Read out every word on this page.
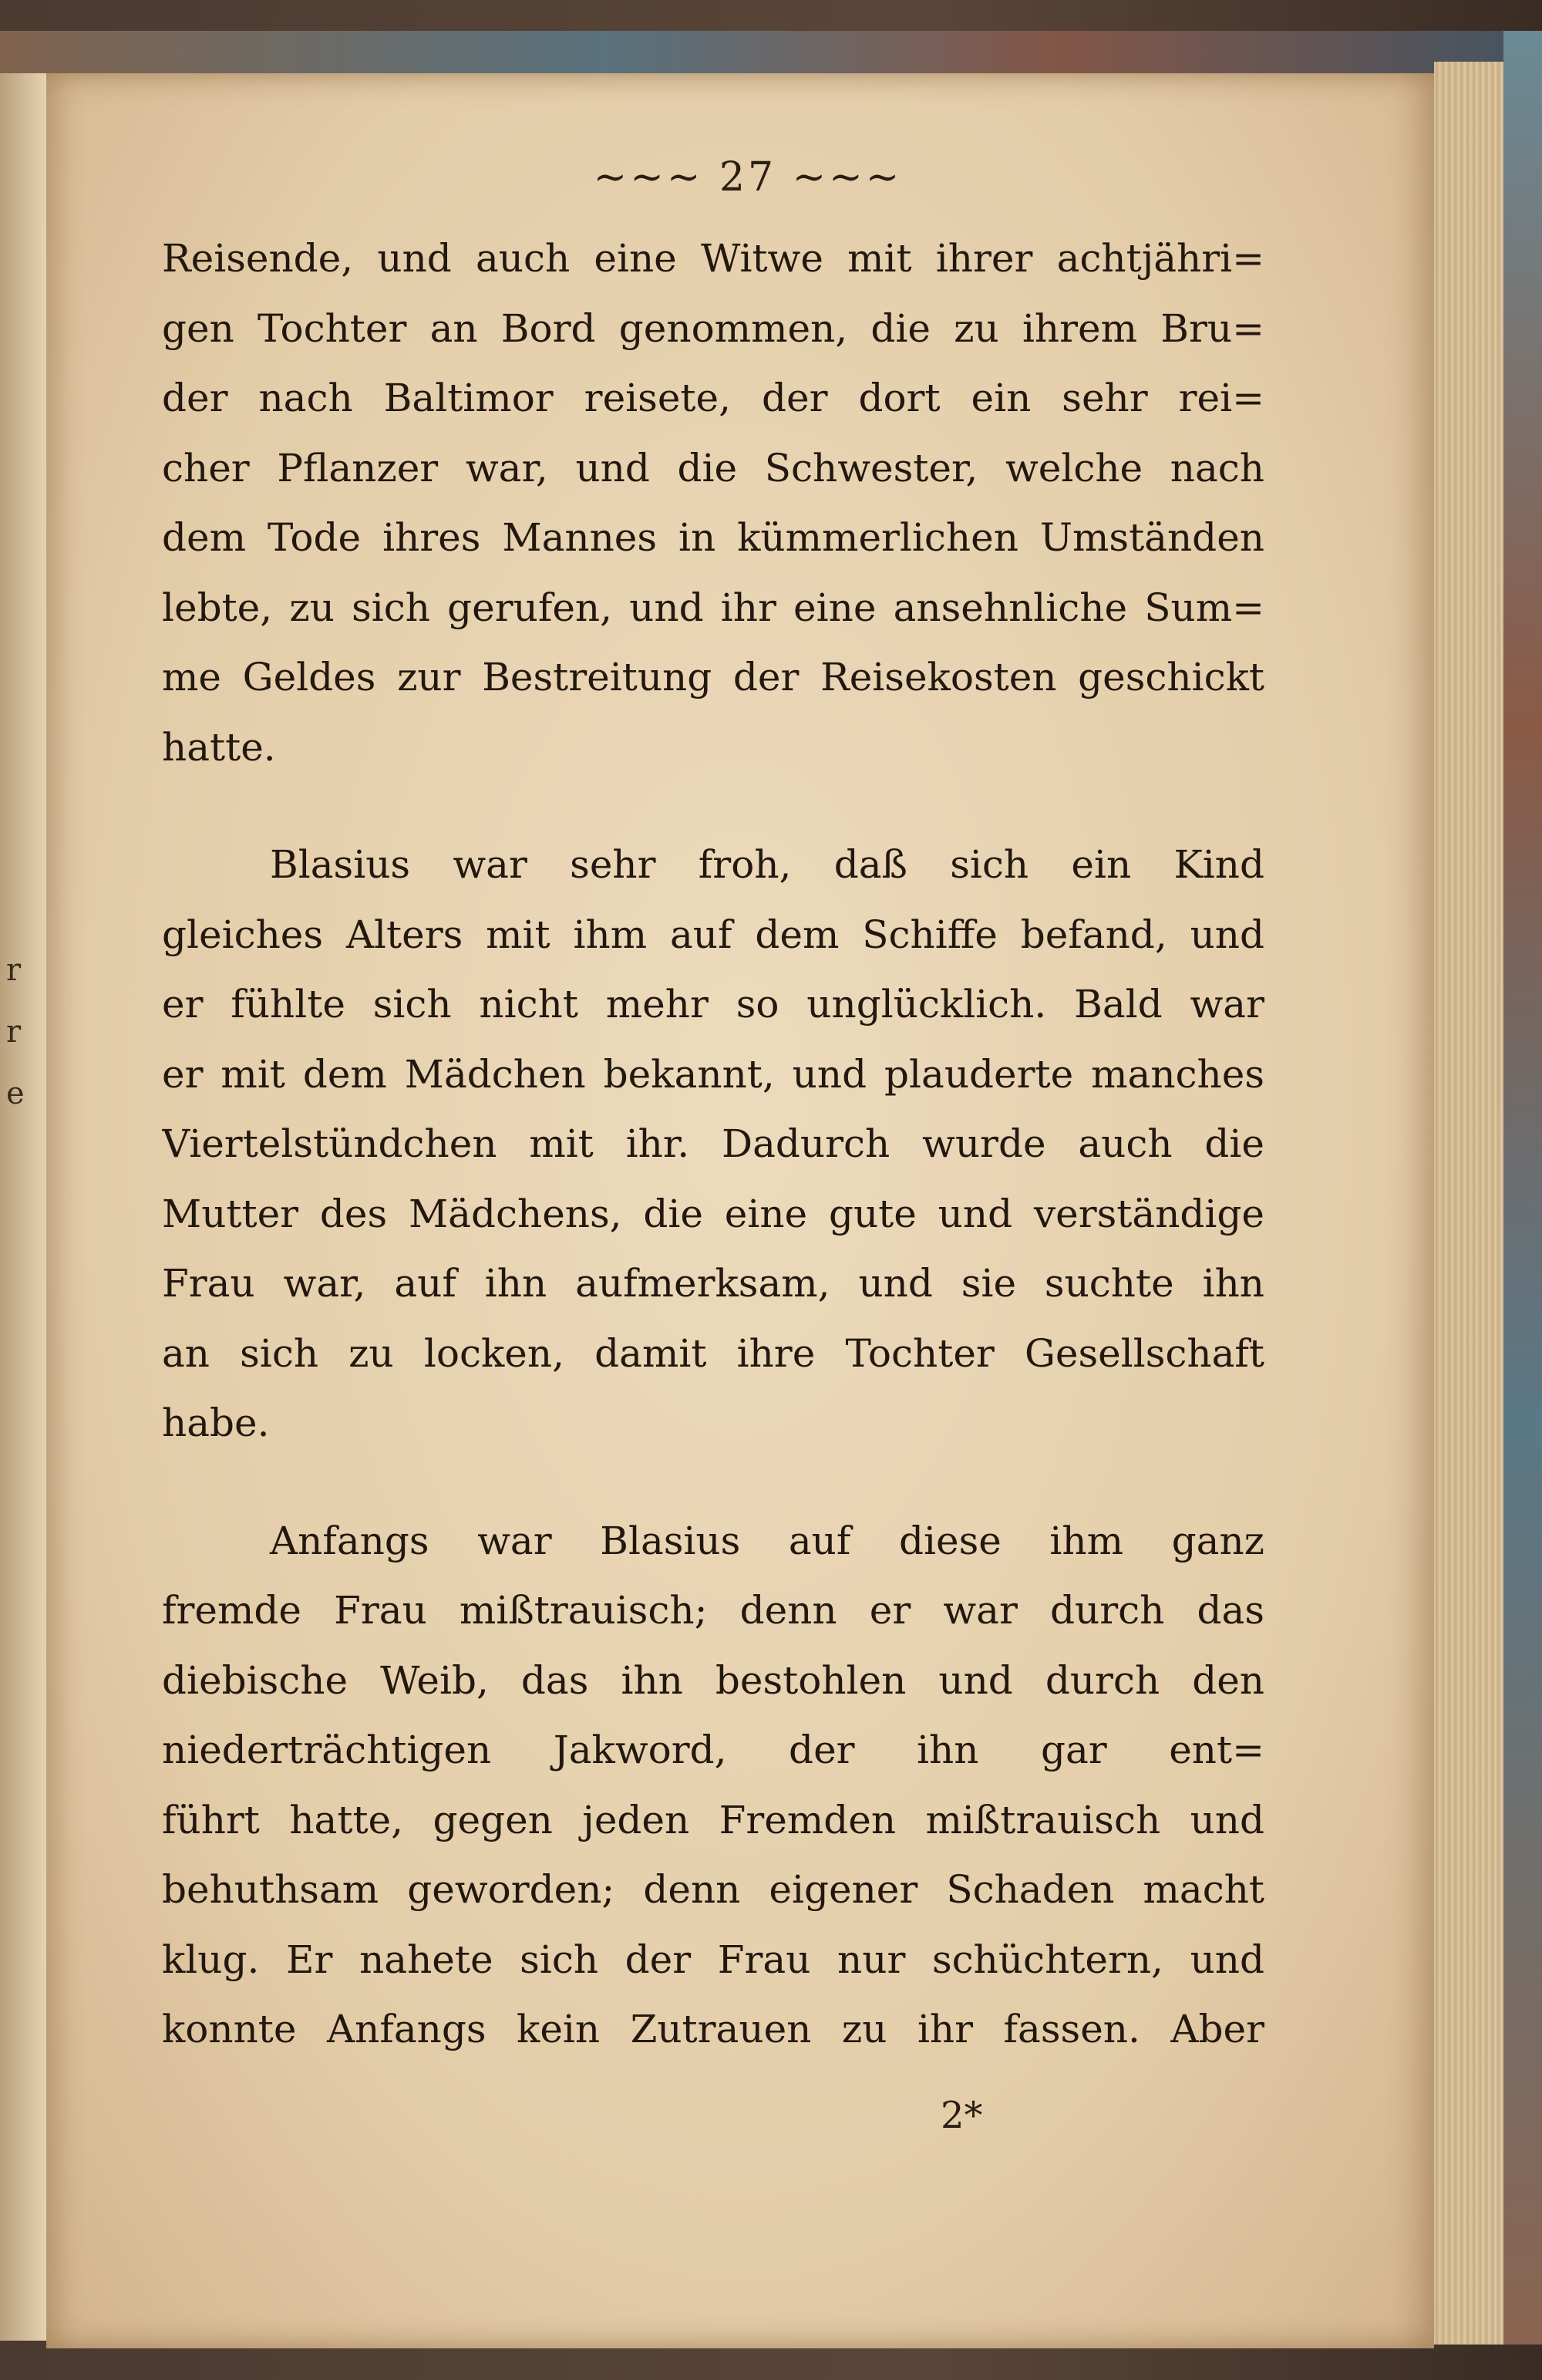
r
r
e
~~~ 27 ~~~
Reisende, und auch eine Witwe mit ihrer achtjähri=
gen Tochter an Bord genommen, die zu ihrem Bru=
der nach Baltimor reisete, der dort ein sehr rei=
cher Pflanzer war, und die Schwester, welche nach
dem Tode ihres Mannes in kümmerlichen Umständen
lebte, zu sich gerufen, und ihr eine ansehnliche Sum=
me Geldes zur Bestreitung der Reisekosten geschickt
hatte.
Blasius war sehr froh, daß sich ein Kind
gleiches Alters mit ihm auf dem Schiffe befand, und
er fühlte sich nicht mehr so unglücklich. Bald war
er mit dem Mädchen bekannt, und plauderte manches
Viertelstündchen mit ihr. Dadurch wurde auch die
Mutter des Mädchens, die eine gute und verständige
Frau war, auf ihn aufmerksam, und sie suchte ihn
an sich zu locken, damit ihre Tochter Gesellschaft
habe.
Anfangs war Blasius auf diese ihm ganz
fremde Frau mißtrauisch; denn er war durch das
diebische Weib, das ihn bestohlen und durch den
niederträchtigen Jakword, der ihn gar ent=
führt hatte, gegen jeden Fremden mißtrauisch und
behuthsam geworden; denn eigener Schaden macht
klug. Er nahete sich der Frau nur schüchtern, und
konnte Anfangs kein Zutrauen zu ihr fassen. Aber
2*
